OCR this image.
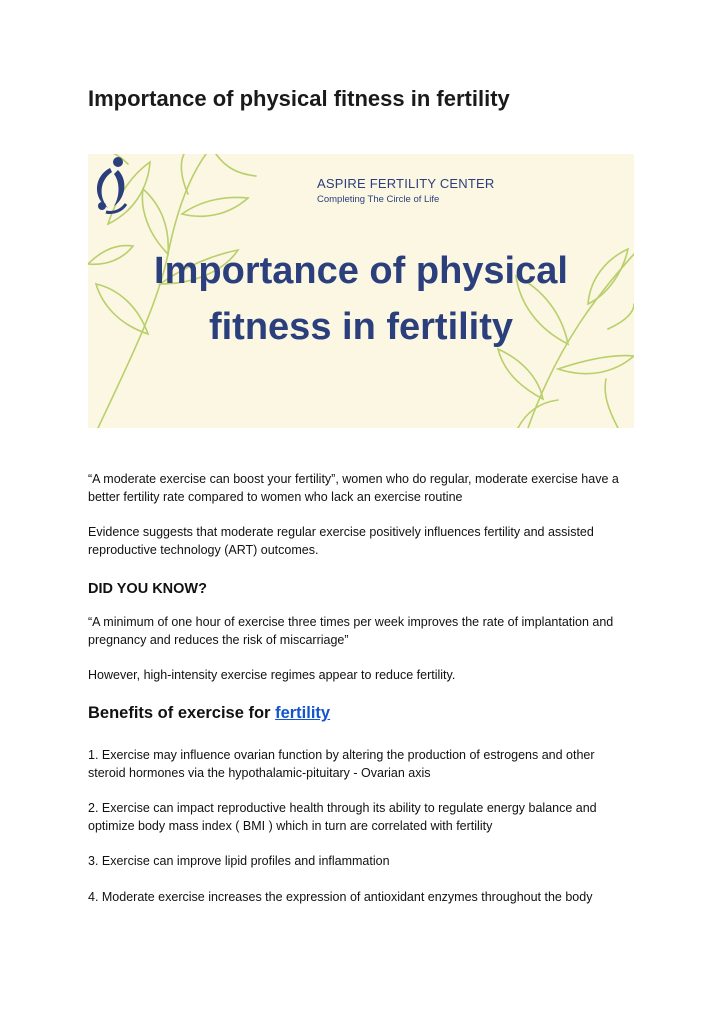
Importance of physical fitness in fertility
ASPIRE FERTILITY CENTER
Completing The Circle of Life
Importance of physical
fitness in fertility

“A moderate exercise can boost your fertility”, women who do regular, moderate exercise have a better fertility rate compared to women who lack an exercise routine

Evidence suggests that moderate regular exercise positively influences fertility and assisted reproductive technology (ART) outcomes.

DID YOU KNOW?

“A minimum of one hour of exercise three times per week improves the rate of implantation and pregnancy and reduces the risk of miscarriage”

However, high-intensity exercise regimes appear to reduce fertility.

Benefits of exercise for fertility

1. Exercise may influence ovarian function by altering the production of estrogens and other steroid hormones via the hypothalamic-pituitary - Ovarian axis

2. Exercise can impact reproductive health through its ability to regulate energy balance and optimize body mass index ( BMI ) which in turn are correlated with fertility

3. Exercise can improve lipid profiles and inflammation

4. Moderate exercise increases the expression of antioxidant enzymes throughout the body
